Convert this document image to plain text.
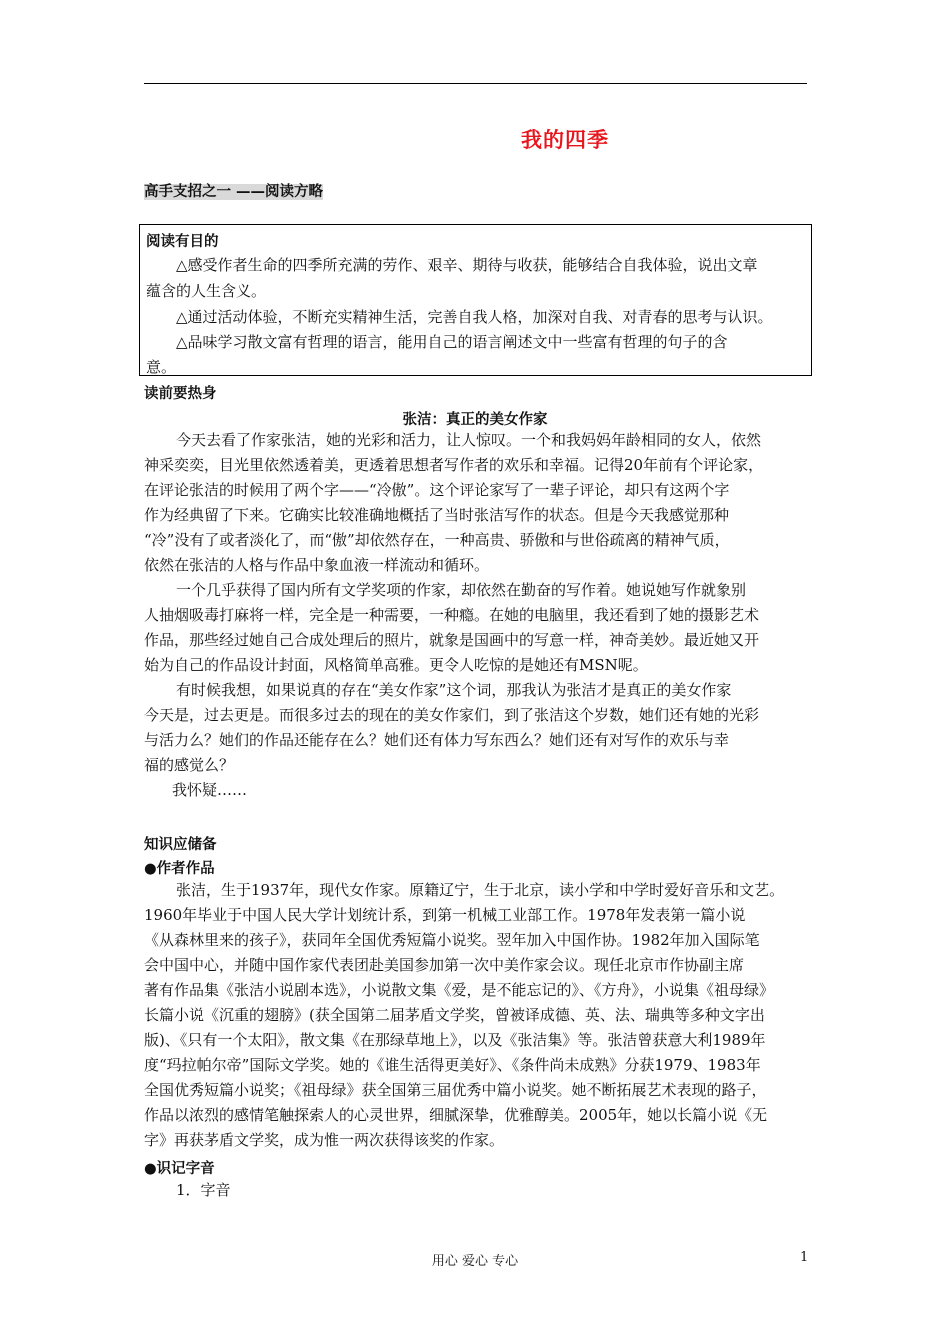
我的四季
高手支招之一 ——阅读方略
阅读有目的
△感受作者生命的四季所充满的劳作、艰辛、期待与收获，能够结合自我体验，说出文章
蕴含的人生含义。
△通过活动体验，不断充实精神生活，完善自我人格，加深对自我、对青春的思考与认识。
△品味学习散文富有哲理的语言，能用自己的语言阐述文中一些富有哲理的句子的含
意。
读前要热身
张洁：真正的美女作家
今天去看了作家张洁，她的光彩和活力，让人惊叹。一个和我妈妈年龄相同的女人，依然
神采奕奕，目光里依然透着美，更透着思想者写作者的欢乐和幸福。记得20年前有个评论家，
在评论张洁的时候用了两个字——“冷傲”。这个评论家写了一辈子评论，却只有这两个字
作为经典留了下来。它确实比较准确地概括了当时张洁写作的状态。但是今天我感觉那种
“冷”没有了或者淡化了，而“傲”却依然存在，一种高贵、骄傲和与世俗疏离的精神气质，
依然在张洁的人格与作品中象血液一样流动和循环。
一个几乎获得了国内所有文学奖项的作家，却依然在勤奋的写作着。她说她写作就象别
人抽烟吸毒打麻将一样，完全是一种需要，一种瘾。在她的电脑里，我还看到了她的摄影艺术
作品，那些经过她自己合成处理后的照片，就象是国画中的写意一样，神奇美妙。最近她又开
始为自己的作品设计封面，风格简单高雅。更令人吃惊的是她还有MSN呢。
有时候我想，如果说真的存在“美女作家”这个词，那我认为张洁才是真正的美女作家
今天是，过去更是。而很多过去的现在的美女作家们，到了张洁这个岁数，她们还有她的光彩
与活力么？她们的作品还能存在么？她们还有体力写东西么？她们还有对写作的欢乐与幸
福的感觉么？
我怀疑……
知识应储备
●作者作品
张洁，生于1937年，现代女作家。原籍辽宁，生于北京，读小学和中学时爱好音乐和文艺。
1960年毕业于中国人民大学计划统计系，到第一机械工业部工作。1978年发表第一篇小说
《从森林里来的孩子》，获同年全国优秀短篇小说奖。翌年加入中国作协。1982年加入国际笔
会中国中心，并随中国作家代表团赴美国参加第一次中美作家会议。现任北京市作协副主席
著有作品集《张洁小说剧本选》，小说散文集《爱，是不能忘记的》、《方舟》，小说集《祖母绿》
长篇小说《沉重的翅膀》(获全国第二届茅盾文学奖，曾被译成德、英、法、瑞典等多种文字出
版)、《只有一个太阳》，散文集《在那绿草地上》，以及《张洁集》等。张洁曾获意大利1989年
度“玛拉帕尔帝”国际文学奖。她的《谁生活得更美好》、《条件尚未成熟》分获1979、1983年
全国优秀短篇小说奖；《祖母绿》获全国第三届优秀中篇小说奖。她不断拓展艺术表现的路子，
作品以浓烈的感情笔触探索人的心灵世界，细腻深挚，优雅醇美。2005年，她以长篇小说《无
字》再获茅盾文学奖，成为惟一两次获得该奖的作家。
●识记字音
1．字音
用心 爱心 专心	1
